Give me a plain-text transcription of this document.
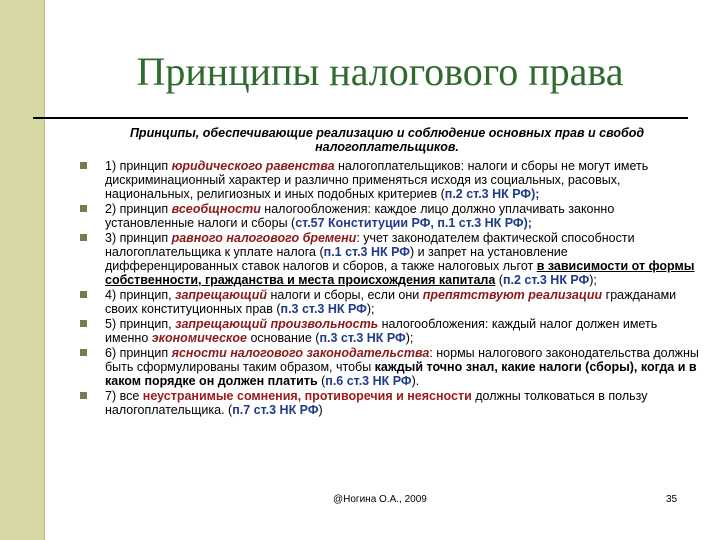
Принципы налогового права

Принципы, обеспечивающие реализацию и соблюдение основных прав и свобод налогоплательщиков.

1) принцип юридического равенства налогоплательщиков: налоги и сборы не могут иметь дискриминационный характер и различно применяться исходя из социальных, расовых, национальных, религиозных и иных подобных критериев (п.2 ст.3 НК РФ);
2) принцип всеобщности налогообложения: каждое лицо должно уплачивать законно установленные налоги и сборы (ст.57 Конституции РФ, п.1 ст.3 НК РФ);
3) принцип равного налогового бремени: учет законодателем фактической способности налогоплательщика к уплате налога (п.1 ст.3 НК РФ) и запрет на установление дифференцированных ставок налогов и сборов, а также налоговых льгот в зависимости от формы собственности, гражданства и места происхождения капитала (п.2 ст.3 НК РФ);
4) принцип, запрещающий налоги и сборы, если они препятствуют реализации гражданами своих конституционных прав (п.3 ст.3 НК РФ);
5) принцип, запрещающий произвольность налогообложения: каждый налог должен иметь именно экономическое основание (п.3 ст.3 НК РФ);
6) принцип ясности налогового законодательства: нормы налогового законодательства должны быть сформулированы таким образом, чтобы каждый точно знал, какие налоги (сборы), когда и в каком порядке он должен платить (п.6 ст.3 НК РФ).
7) все неустранимые сомнения, противоречия и неясности должны толковаться в пользу налогоплательщика. (п.7 ст.3 НК РФ)
@Ногина О.А., 2009	35
